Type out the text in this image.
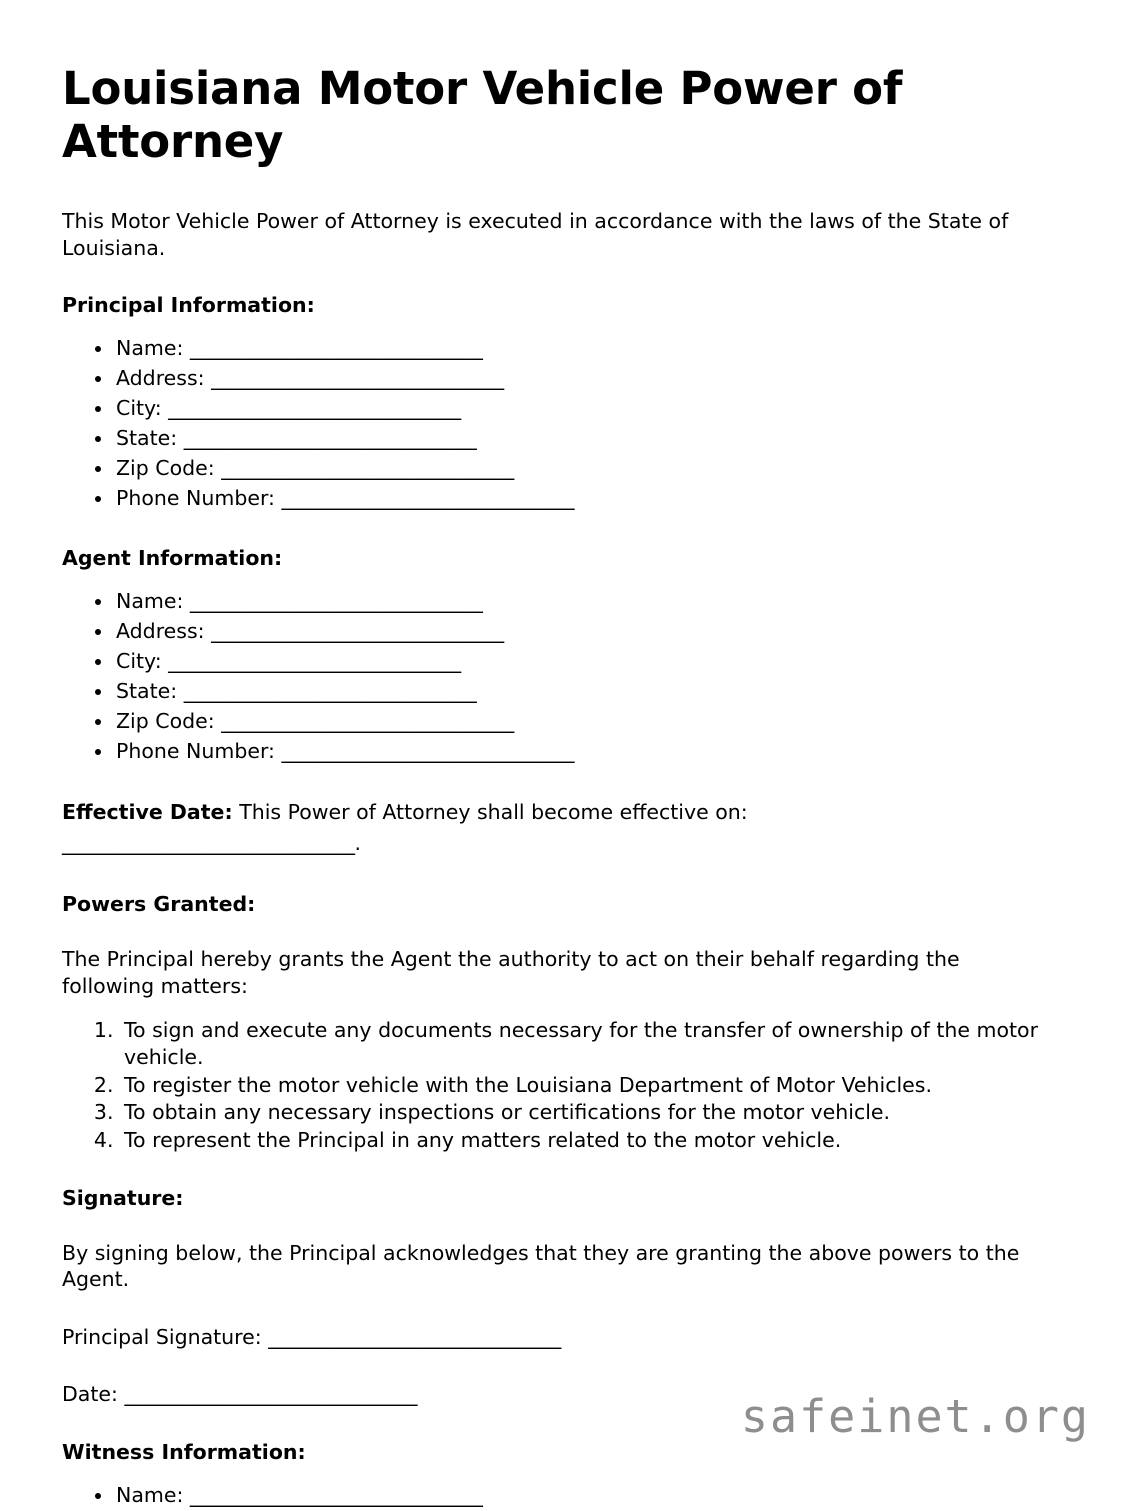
Louisiana Motor Vehicle Power of Attorney

This Motor Vehicle Power of Attorney is executed in accordance with the laws of the State of Louisiana.

Principal Information:
• Name: ______________________________
• Address: ______________________________
• City: ______________________________
• State: ______________________________
• Zip Code: ______________________________
• Phone Number: ______________________________
Agent Information:
• Name: ______________________________
• Address: ______________________________
• City: ______________________________
• State: ______________________________
• Zip Code: ______________________________
• Phone Number: ______________________________

Effective Date: This Power of Attorney shall become effective on: ______________________________.

Powers Granted:

The Principal hereby grants the Agent the authority to act on their behalf regarding the following matters:

1. To sign and execute any documents necessary for the transfer of ownership of the motor vehicle.
2. To register the motor vehicle with the Louisiana Department of Motor Vehicles.
3. To obtain any necessary inspections or certifications for the motor vehicle.
4. To represent the Principal in any matters related to the motor vehicle.
Signature:

By signing below, the Principal acknowledges that they are granting the above powers to the Agent.

Principal Signature: ______________________________

Date: ______________________________

Witness Information:
• Name: ______________________________
safeinet.org
